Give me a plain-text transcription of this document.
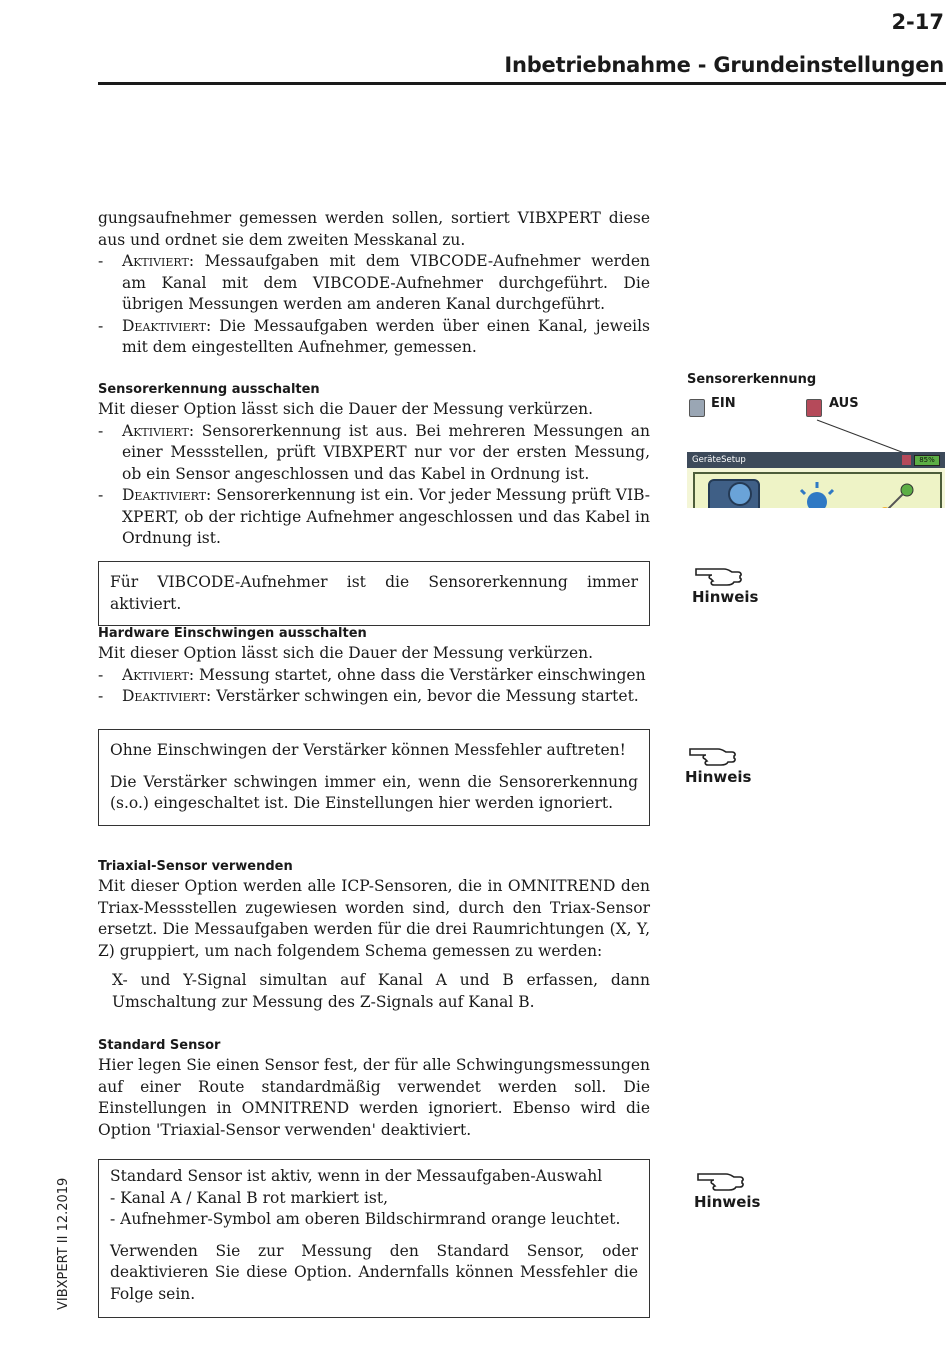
2-17
Inbetriebnahme - Grundeinstellungen

gungsaufnehmer gemessen werden sollen, sortiert VIBXPERT diese aus und ordnet sie dem zweiten Messkanal zu.

- Aktiviert: Messaufgaben mit dem VIBCODE-Aufnehmer werden am Kanal mit dem VIBCODE-Aufnehmer durchgeführt. Die übrigen Messungen werden am anderen Kanal durchgeführt.
- Deaktiviert: Die Messaufgaben werden über einen Kanal, jeweils mit dem eingestellten Aufnehmer, gemessen.

Sensorerkennung ausschalten

Mit dieser Option lässt sich die Dauer der Messung verkürzen.

- Aktiviert: Sensorerkennung ist aus. Bei mehreren Messungen an einer Messstellen, prüft VIBXPERT nur vor der ersten Messung, ob ein Sensor angeschlossen und das Kabel in Ordnung ist.
- Deaktiviert: Sensorerkennung ist ein. Vor jeder Messung prüft VIB-XPERT, ob der richtige Aufnehmer angeschlossen und das Kabel in Ordnung ist.

Für VIBCODE-Aufnehmer ist die Sensorerkennung immer aktiviert.

Hardware Einschwingen ausschalten

Mit dieser Option lässt sich die Dauer der Messung verkürzen.

- Aktiviert: Messung startet, ohne dass die Verstärker einschwingen
- Deaktiviert: Verstärker schwingen ein, bevor die Messung startet.

Ohne Einschwingen der Verstärker können Messfehler auftreten!

Die Verstärker schwingen immer ein, wenn die Sensorerkennung (s.o.) eingeschaltet ist. Die Einstellungen hier werden ignoriert.

Triaxial-Sensor verwenden

Mit dieser Option werden alle ICP-Sensoren, die in OMNITREND den Triax-Messstellen zugewiesen worden sind, durch den Triax-Sensor ersetzt. Die Messaufgaben werden für die drei Raumrichtungen (X, Y, Z) gruppiert, um nach folgendem Schema gemessen zu werden:

X- und Y-Signal simultan auf Kanal A und B erfassen, dann Umschaltung zur Messung des Z-Signals auf Kanal B.

Standard Sensor

Hier legen Sie einen Sensor fest, der für alle Schwingungsmessungen auf einer Route standardmäßig verwendet werden soll. Die Einstellungen in OMNITREND werden ignoriert. Ebenso wird die Option 'Triaxial-Sensor verwenden' deaktiviert.

Standard Sensor ist aktiv, wenn in der Messaufgaben-Auswahl

- Kanal A / Kanal B rot markiert ist,

- Aufnehmer-Symbol am oberen Bildschirmrand orange leuchtet.

Verwenden Sie zur Messung den Standard Sensor, oder deaktivieren Sie diese Option. Andernfalls können Messfehler die Folge sein.

Sensorerkennung
EIN	AUS
GeräteSetup	85%
Hinweis
Hinweis
Hinweis
VIBXPERT II 12.2019
